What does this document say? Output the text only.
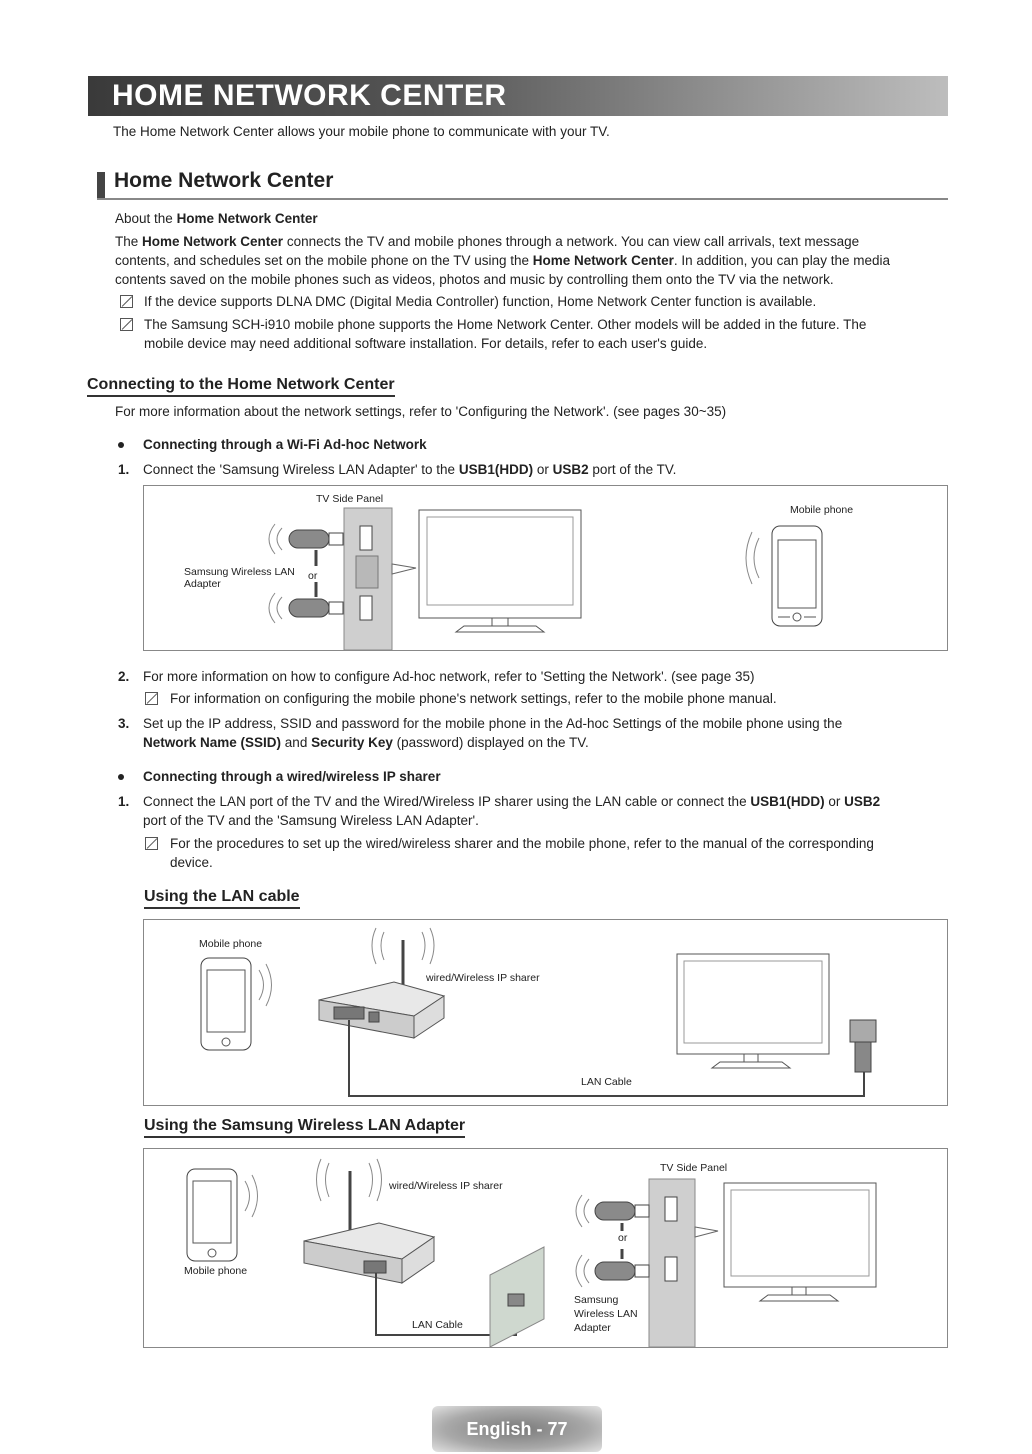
HOME NETWORK CENTER
The Home Network Center allows your mobile phone to communicate with your TV.
Home Network Center
About the Home Network Center
The Home Network Center connects the TV and mobile phones through a network. You can view call arrivals, text message
contents, and schedules set on the mobile phone on the TV using the Home Network Center. In addition, you can play the media
contents saved on the mobile phones such as videos, photos and music by controlling them onto the TV via the network.
If the device supports DLNA DMC (Digital Media Controller) function, Home Network Center function is available.
The Samsung SCH-i910 mobile phone supports the Home Network Center. Other models will be added in the future. The
mobile device may need additional software installation. For details, refer to each user's guide.
Connecting to the Home Network Center
For more information about the network settings, refer to 'Configuring the Network'. (see pages 30~35)
Connecting through a Wi-Fi Ad-hoc Network
1. Connect the 'Samsung Wireless LAN Adapter' to the USB1(HDD) or USB2 port of the TV.
TV Side Panel
Mobile phone
Samsung Wireless LAN
Adapter
or
2. For more information on how to configure Ad-hoc network, refer to 'Setting the Network'. (see page 35)
For information on configuring the mobile phone's network settings, refer to the mobile phone manual.
3. Set up the IP address, SSID and password for the mobile phone in the Ad-hoc Settings of the mobile phone using the
Network Name (SSID) and Security Key (password) displayed on the TV.
Connecting through a wired/wireless IP sharer
1. Connect the LAN port of the TV and the Wired/Wireless IP sharer using the LAN cable or connect the USB1(HDD) or USB2
port of the TV and the 'Samsung Wireless LAN Adapter'.
For the procedures to set up the wired/wireless sharer and the mobile phone, refer to the manual of the corresponding
device.
Using the LAN cable
Mobile phone
wired/Wireless IP sharer
LAN Cable
Using the Samsung Wireless LAN Adapter
wired/Wireless IP sharer
Mobile phone
LAN Cable
TV Side Panel
or
Samsung
Wireless LAN
Adapter
English - 77
